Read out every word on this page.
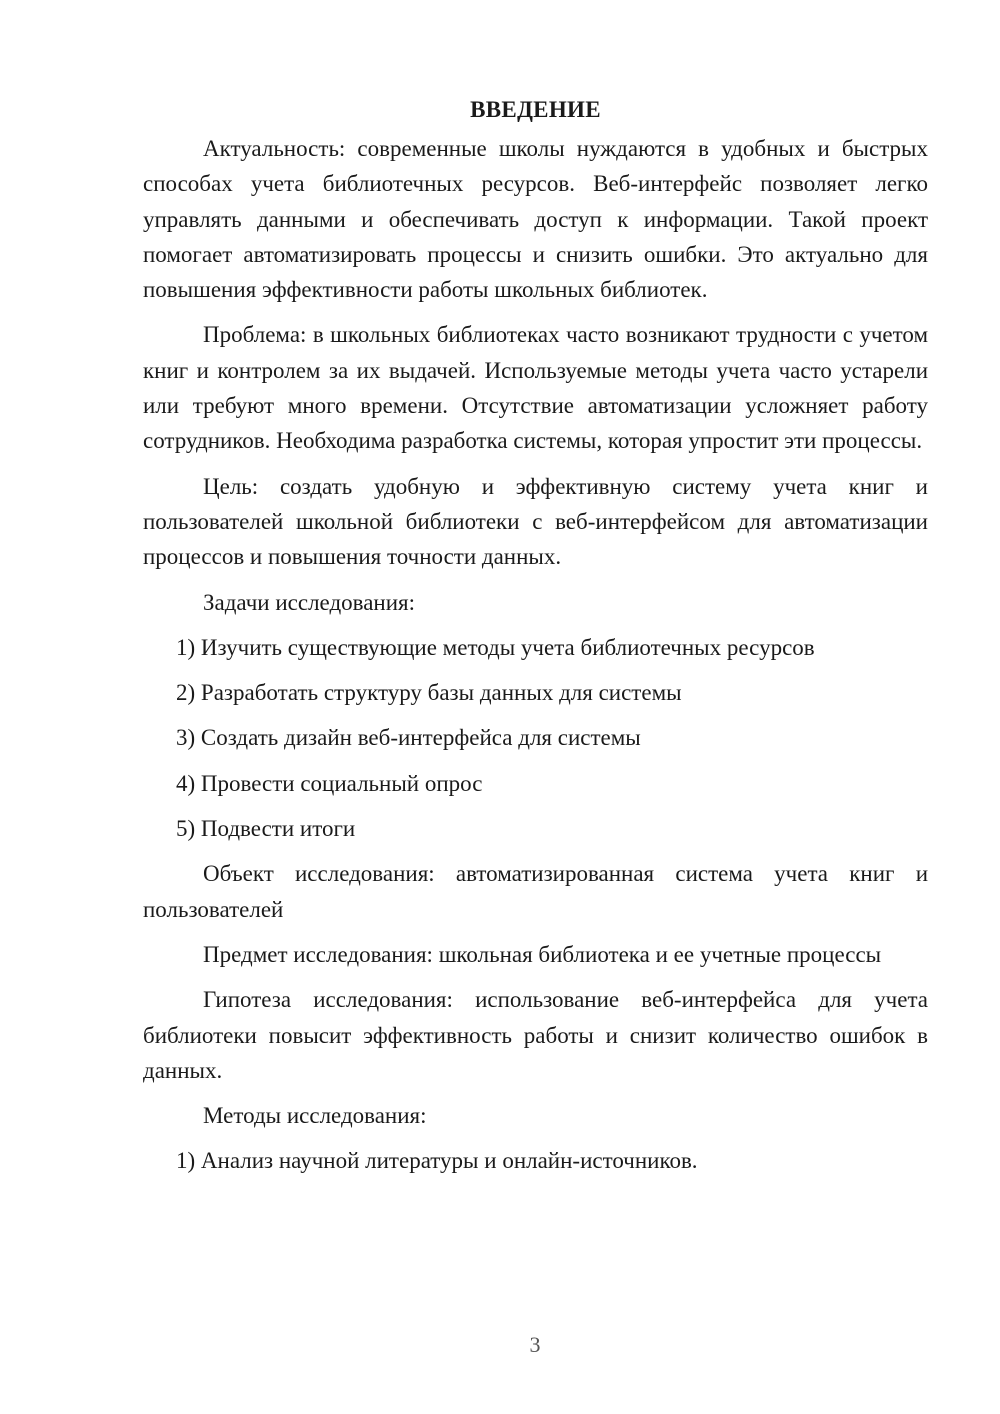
ВВЕДЕНИЕ

Актуальность: современные школы нуждаются в удобных и быстрых способах учета библиотечных ресурсов. Веб-интерфейс позволяет легко управлять данными и обеспечивать доступ к информации. Такой проект помогает автоматизировать процессы и снизить ошибки. Это актуально для повышения эффективности работы школьных библиотек.

Проблема: в школьных библиотеках часто возникают трудности с учетом книг и контролем за их выдачей. Используемые методы учета часто устарели или требуют много времени. Отсутствие автоматизации усложняет работу сотрудников. Необходима разработка системы, которая упростит эти процессы.

Цель: создать удобную и эффективную систему учета книг и пользователей школьной библиотеки с веб-интерфейсом для автоматизации процессов и повышения точности данных.

Задачи исследования:

1) Изучить существующие методы учета библиотечных ресурсов
2) Разработать структуру базы данных для системы
3) Создать дизайн веб-интерфейса для системы
4) Провести социальный опрос
5) Подвести итоги

Объект исследования: автоматизированная система учета книг и пользователей

Предмет исследования: школьная библиотека и ее учетные процессы

Гипотеза исследования: использование веб-интерфейса для учета библиотеки повысит эффективность работы и снизит количество ошибок в данных.

Методы исследования:

1) Анализ научной литературы и онлайн-источников.
3
